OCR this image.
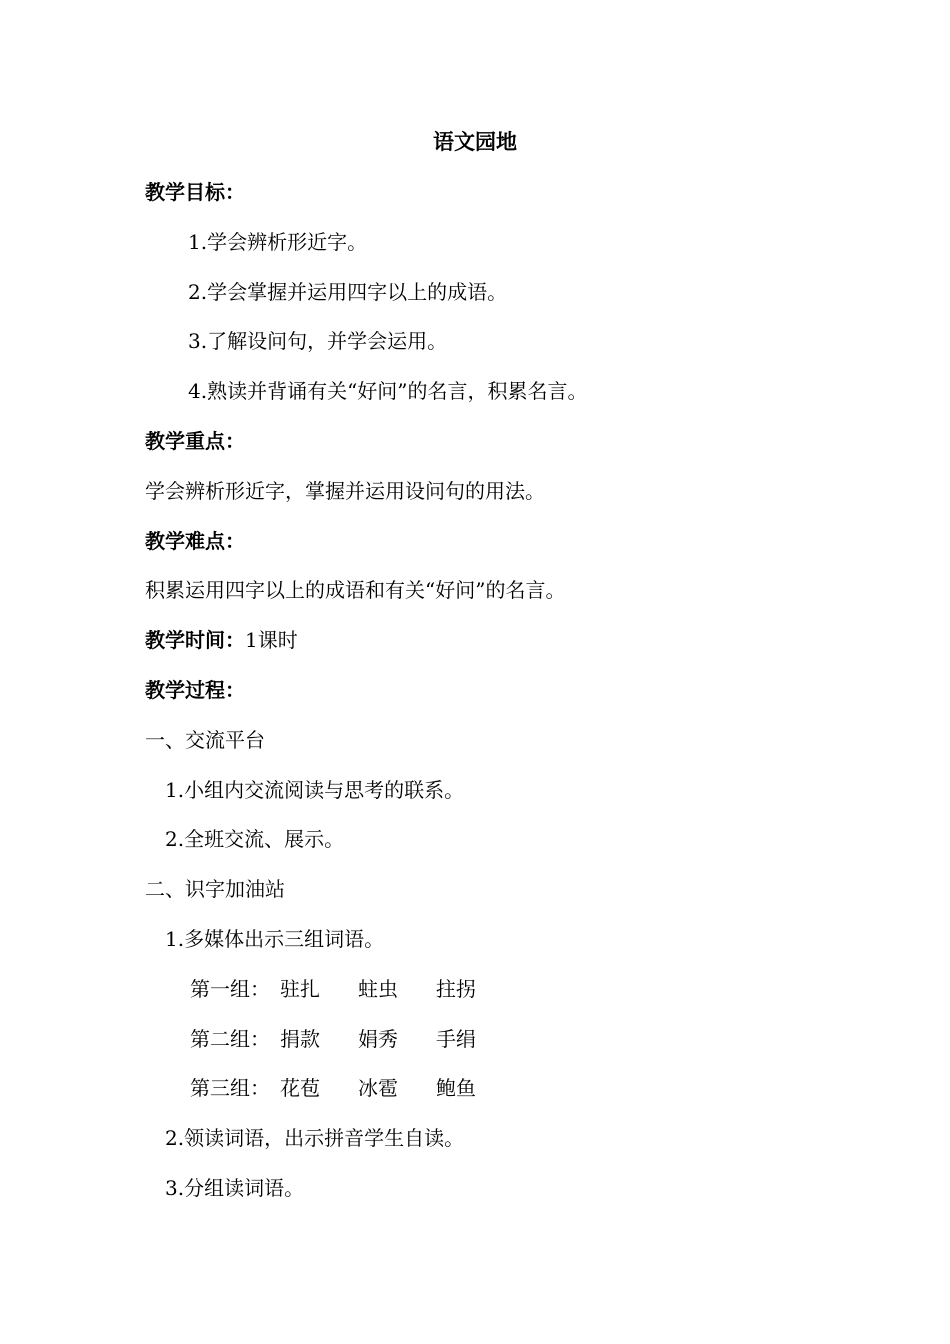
语文园地
教学目标：
1.学会辨析形近字。
2.学会掌握并运用四字以上的成语。
3.了解设问句，并学会运用。
4.熟读并背诵有关“好问”的名言，积累名言。
教学重点：
学会辨析形近字，掌握并运用设问句的用法。
教学难点：
积累运用四字以上的成语和有关“好问”的名言。
教学时间：1课时
教学过程：
一、交流平台
1.小组内交流阅读与思考的联系。
2.全班交流、展示。
二、识字加油站
1.多媒体出示三组词语。
第一组： 驻扎 蛀虫 拄拐
第二组： 捐款 娟秀 手绢
第三组： 花苞 冰雹 鲍鱼
2.领读词语，出示拼音学生自读。
3.分组读词语。
